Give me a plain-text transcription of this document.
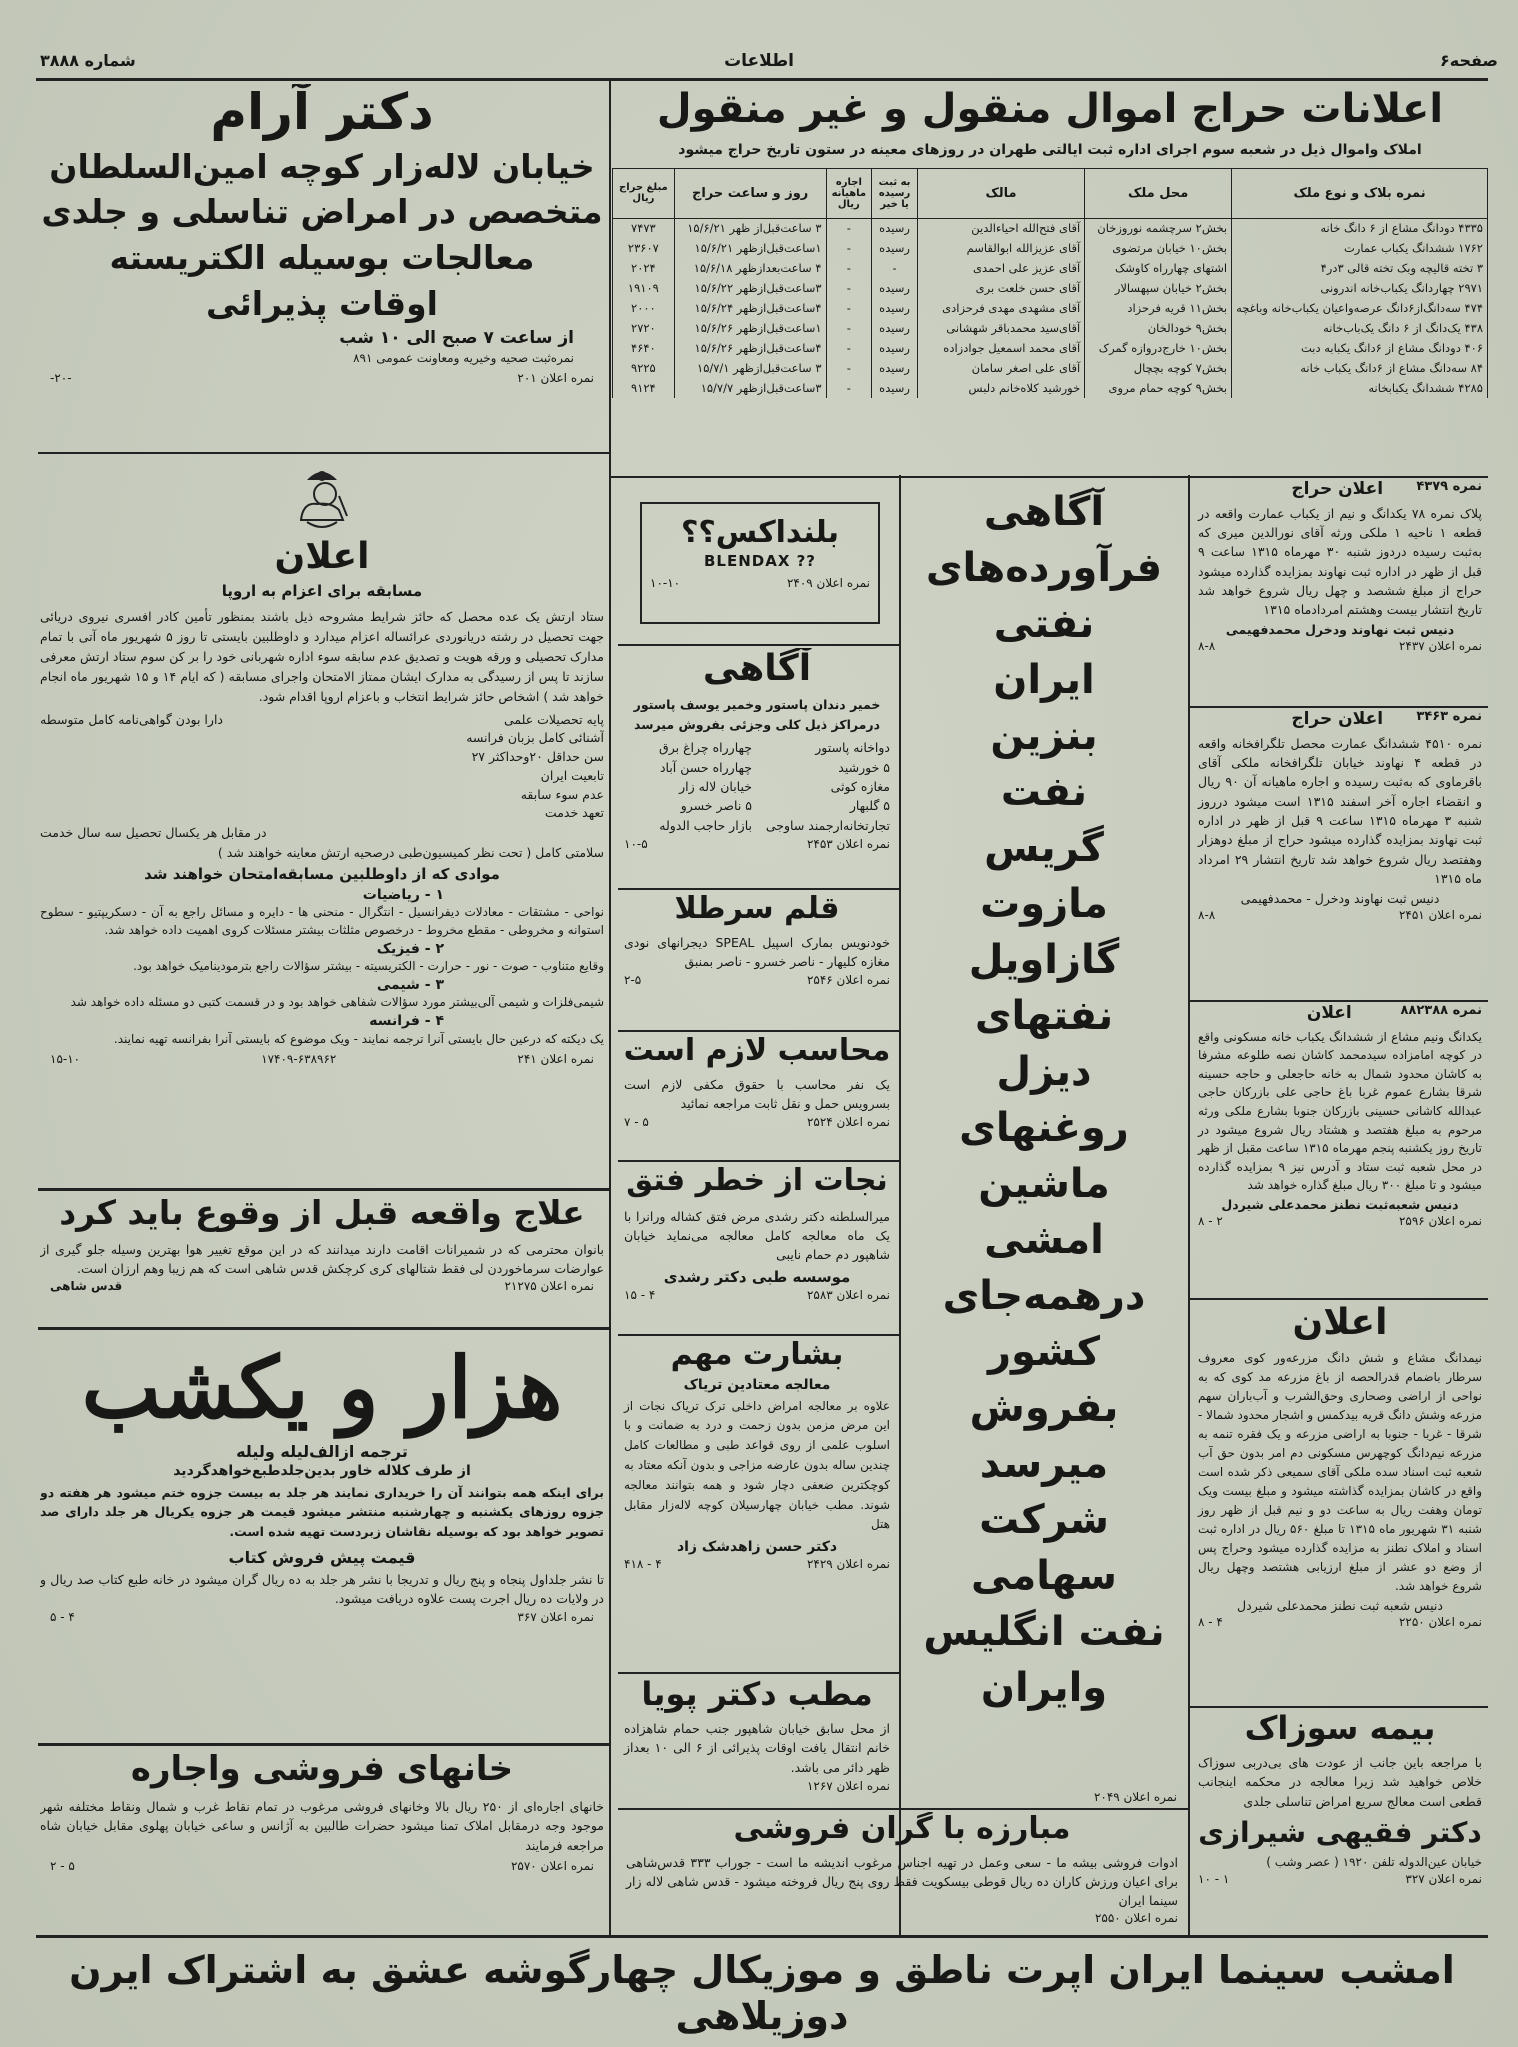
صفحه۶
اطلاعات
شماره ۳۸۸۸
اعلانات حراج اموال منقول و غیر منقول
املاک واموال ذیل در شعبه سوم اجرای اداره ثبت ایالتی طهران در روزهای معینه در ستون تاریخ حراج میشود
نمره بلاک و نوع ملک	محل ملک	مالک	به ثبت رسیده یا خیر	اجاره ماهیانه ریال	روز و ساعت حراج	مبلغ حراج ریال
۴۳۳۵ دودانگ مشاع از ۶ دانگ خانه	بخش۲ سرچشمه نوروزخان	آقای فتح‌الله احیاءالدین	رسیده	-	۳ ساعت‌قبل‌از ظهر ۱۵/۶/۲۱	۷۴۷۳
۱۷۶۲ ششدانگ یکباب عمارت	بخش۱۰ خیابان مرتضوی	آقای عزیزالله ابوالقاسم	رسیده	-	۱ساعت‌قبل‌ازظهر ۱۵/۶/۲۱	۲۳۶۰۷
۳ تخته قالیچه وبک تخته قالی ۳در۴	اشتهای چهارراه کاوشک	آقای عزیز علی احمدی	-	-	۴ ساعت‌بعدازظهر ۱۵/۶/۱۸	۲۰۲۴
۲۹۷۱ چهاردانگ یکباب‌خانه اندرونی	بخش۲ خیابان سپهسالار	آقای حسن خلعت بری	رسیده	-	۳ساعت‌قبل‌ازظهر ۱۵/۶/۲۲	۱۹۱۰۹
۴۷۴ سه‌دانگ‌از۶دانگ عرصه‌واعیان یکباب‌خانه وباغچه	بخش۱۱ قریه فرحزاد	آقای مشهدی مهدی فرحزادی	رسیده	-	۴ساعت‌قبل‌ازظهر ۱۵/۶/۲۴	۲۰۰۰
۴۳۸ یک‌دانگ از ۶ دانگ یک‌باب‌خانه	بخش۹ خودالخان	آقای‌سید محمدباقر شهشانی	رسیده	-	۱ساعت‌قبل‌ازظهر ۱۵/۶/۲۶	۲۷۲۰
۴۰۶ دودانگ مشاع از ۶دانگ یکبابه دبت	بخش۱۰ خارج‌دروازه گمرک	آقای محمد اسمعیل جوادزاده	رسیده	-	۴ساعت‌قبل‌ازظهر ۱۵/۶/۲۶	۴۶۴۰
۸۴ سه‌دانگ مشاع از ۶دانگ یکباب خانه	بخش۷ کوچه بچچال	آقای علی اصغر سامان	رسیده	-	۳ ساعت‌قبل‌ازظهر ۱۵/۷/۱	۹۲۲۵
۴۲۸۵ ششدانگ یکبابخانه	بخش۹ کوچه حمام مروی	خورشید کلاه‌خانم دلبس	رسیده	-	۳ساعت‌قبل‌ازظهر ۱۵/۷/۷	۹۱۲۴
دکتر آرام
خیابان لاله‌زار کوچه امین‌السلطان
متخصص در امراض تناسلی و جلدی
معالجات بوسیله الکتریسته
اوقات پذیرائی
از ساعت ۷ صبح الی ۱۰ شب
نمره‌ثبت صحیه وخیریه ومعاونت عمومی ۸۹۱
نمره اعلان ۲۰۱
-۲۰-
اعلان
مسابقه برای اعزام به اروپا
ستاد ارتش یک عده محصل که حائز شرایط مشروحه ذیل باشند بمنظور تأمین کادر افسری نیروی دریائی جهت تحصیل در رشته دریانوردی عرائساله اعزام میدارد و داوطلبین بایستی تا روز ۵ شهریور ماه آتی با تمام مدارک تحصیلی و ورقه هویت و تصدیق عدم سابقه سوء اداره شهربانی خود را بر کن سوم ستاد ارتش معرفی سازند تا پس از رسیدگی به مدارک ایشان ممتاز الامتحان واجرای مسابقه ( که ایام ۱۴ و ۱۵ شهریور ماه انجام خواهد شد ) اشخاص حائز شرایط انتخاب و باعزام اروپا اقدام شود.
پایه تحصیلات علمی
آشنائی کامل بزبان فرانسه
سن حداقل ۲۰وحداکثر ۲۷
تابعیت ایران
عدم سوء سابقه
تعهد خدمت
دارا بودن گواهی‌نامه کامل متوسطه
در مقابل هر یکسال تحصیل سه سال خدمت
سلامتی کامل ( تحت نظر کمیسیون‌طبی درصحیه ارتش معاینه خواهند شد )
موادی که از داوطلبین مسابقه‌امتحان خواهند شد
۱ - ریاضیات
نواحی - مشتقات - معادلات دیفرانسیل - انتگرال - منحنی ها - دایره و مسائل راجع به آن - دسکریپتیو - سطوح استوانه و مخروطی - مقطع مخروط - درخصوص مثلثات بیشتر مسئلات کروی اهمیت داده خواهد شد.
۲ - فیزیک
وقایع متناوب - صوت - نور - حرارت - الکتریسیته - بیشتر سؤالات راجع بترمودینامیک خواهد بود.
۳ - شیمی
شیمی‌فلزات و شیمی آلی‌بیشتر مورد سؤالات شفاهی خواهد بود و در قسمت کتبی دو مسئله داده خواهد شد
۴ - فرانسه
یک دیکته که درعین حال بایستی آنرا ترجمه نمایند - ویک موضوع که بایستی آنرا بفرانسه تهیه نمایند.
نمره اعلان ۲۴۱
۱۷۴۰۹-۶۳۸۹۶۲
۱۵-۱۰
علاج واقعه قبل از وقوع باید کرد
بانوان محترمی که در شمیرانات اقامت دارند میدانند که در این موقع تغییر هوا بهترین وسیله جلو گیری از عوارضات سرماخوردن لی فقط شتالهای کری کرچکش قدس شاهی است که هم زیبا وهم ارزان است.
نمره اعلان ۲۱۲۷۵
قدس شاهی
هزار و یکشب
ترجمه ازالف‌لیله ولیله
از طرف کلاله خاور بدین‌جلدطبع‌خواهدگردید
برای اینکه همه بتوانند آن را خریداری نمایند هر جلد به بیست جزوه ختم میشود هر هفته دو جزوه روزهای یکشنبه و چهارشنبه منتشر میشود قیمت هر جزوه یکریال هر جلد دارای صد تصویر خواهد بود که بوسیله نقاشان زبردست تهیه شده است.
قیمت پیش فروش کتاب
تا نشر جلداول پنجاه و پنج ریال و تدریجا با نشر هر جلد به ده ریال گران میشود در خانه طبع کتاب صد ریال و در ولایات ده ریال اجرت پست علاوه دریافت میشود.
نمره اعلان ۳۶۷
۵ - ۴
خانهای فروشی واجاره
خانهای اجاره‌ای از ۲۵۰ ریال بالا وخانهای فروشی مرغوب در تمام نقاط غرب و شمال ونقاط مختلفه شهر موجود وجه درمقابل املاک تمنا میشود حضرات طالبین به آژانس و ساعی خیابان پهلوی مقابل خیابان شاه مراجعه فرمایند
نمره اعلان ۲۵۷۰
۲ - ۵
بلنداکس؟؟
BLENDAX ??
نمره اعلان ۲۴۰۹
۱۰-۱۰
آگاهی
خمیر دندان پاستور وخمیر یوسف پاستور
درمراکز ذیل کلی وجزئی بفروش میرسد
دواخانه پاستور
چهارراه چراغ برق
۵ خورشید
چهارراه حسن آباد
مغازه کوثی
خیابان لاله زار
۵ گلبهار
۵ ناصر خسرو
تجارتخانه‌ارجمند ساوجی
بازار حاجب الدوله
نمره اعلان ۲۴۵۳
۱۰-۵
قلم سرطلا
خودنویس بمارک اسپیل SPEAL دیجرانهای نودی مغازه کلیهار - ناصر خسرو - ناصر بمنبق
نمره اعلان ۲۵۴۶
۲-۵
محاسب لازم است
یک نفر محاسب با حقوق مکفی لازم است بسرویس حمل و نقل ثابت مراجعه نمائید
نمره اعلان ۲۵۲۴
۷ - ۵
نجات از خطر فتق
میرالسلطنه دکتر رشدی مرض فتق کشاله ورانرا با یک ماه معالجه کامل معالجه می‌نماید خیابان شاهپور دم حمام نایبی
موسسه طبی دکتر رشدی
نمره اعلان ۲۵۸۳
۱۵ - ۴
بشارت مهم
معالجه معتادین تریاک
علاوه بر معالجه امراض داخلی ترک تریاک نجات از این مرض مزمن بدون زحمت و درد به ضمانت و با اسلوب علمی از روی قواعد طبی و مطالعات کامل چندین ساله بدون عارضه مزاجی و بدون آنکه معتاد به کوچکترین ضعفی دچار شود و همه بتوانند معالجه شوند. مطب خیابان چهارسیلان کوچه لاله‌زار مقابل هتل
دکتر حسن زاهدشک زاد
نمره اعلان ۲۴۲۹
۴۱۸ - ۴
مطب دکتر پویا
از محل سابق خیابان شاهپور جنب حمام شاهزاده خانم انتقال یافت اوقات پذیرائی از ۶ الی ۱۰ بعداز ظهر دائر می باشد.
نمره اعلان ۱۲۶۷
آگاهی
فرآورده‌های
نفتی
ایران
بنزین
نفت
گریس
مازوت
گازاویل
نفتهای
دیزل
روغنهای
ماشین
امشی
درهمه‌جای
کشور
بفروش
میرسد
شرکت سهامی
نفت انگلیس
وایران
نمره اعلان ۲۰۴۹
مبارزه با گران فروشی
ادوات فروشی بیشه ما - سعی وعمل در تهیه اجناس مرغوب اندیشه ما است - جوراب ۳۳۳ قدس‌شاهی برای اعیان ورزش کاران ده ریال قوطی بیسکویت فقط روی پنج ریال فروخته میشود - قدس شاهی لاله زار سینما ایران
نمره اعلان ۲۵۵۰
نمره ۴۳۷۹
اعلان حراج
پلاک نمره ۷۸ یکدانگ و نیم از یکباب عمارت واقعه در قطعه ۱ ناحیه ۱ ملکی ورثه آقای نورالدین میری که به‌ثبت رسیده دردوز شنبه ۳۰ مهرماه ۱۳۱۵ ساعت ۹ قبل از ظهر در اداره ثبت نهاوند بمزایده گذارده میشود حراج از مبلغ ششصد و چهل ریال شروع خواهد شد تاریخ انتشار بیست وهشتم امردادماه ۱۳۱۵
دنیس ثبت نهاوند ودخرل محمدفهیمی
نمره اعلان ۲۴۳۷
۸-۸
نمره ۳۴۶۳
اعلان حراج
نمره ۴۵۱۰ ششدانگ عمارت محصل تلگرافخانه واقعه در قطعه ۴ نهاوند خیابان تلگرافخانه ملکی آقای باقرماوی که به‌ثبت رسیده و اجاره ماهیانه آن ۹۰ ریال و انقضاء اجاره آخر اسفند ۱۳۱۵ است میشود درروز شنبه ۳ مهرماه ۱۳۱۵ ساعت ۹ قبل از ظهر در اداره ثبت نهاوند بمزایده گذارده میشود حراج از مبلغ دوهزار وهفتصد ریال شروع خواهد شد تاریخ انتشار ۲۹ امرداد ماه ۱۳۱۵
دنیس ثبت نهاوند ودخرل - محمدفهیمی
نمره اعلان ۲۴۵۱
۸-۸
نمره ۸۸۲۳۸۸
اعلان
یکدانگ ونیم مشاع از ششدانگ یکباب خانه مسکونی واقع در کوچه امامزاده سیدمحمد کاشان نصه طلوعه مشرفا به کاشان محدود شمال به خانه حاجعلی و حاجه حسینه شرقا بشارع عموم غربا باغ حاجی علی بازرکان حاجی عبدالله کاشانی حسینی بازرکان جنوبا بشارع ملکی ورثه مرحوم به مبلغ هفتصد و هشتاد ریال شروع میشود در تاریخ روز یکشنبه پنجم مهرماه ۱۳۱۵ ساعت مقبل از ظهر در محل شعبه ثبت ستاد و آدرس نیز ۹ بمزایده گذارده میشود و تا مبلغ ۳۰۰ ریال مبلغ گذاره خواهد شد
دنیس شعبه‌ثبت نطنز محمدعلی شیردل
نمره اعلان ۲۵۹۶
۸ - ۲
اعلان
نیمدانگ مشاع و شش دانگ مزرعه‌ور کوی معروف سرطار باضمام قدرالحصه از باغ مزرعه مد کوی که به نواحی از اراضی وصحاری وحق‌الشرب و آب‌باران سهم مزرعه وشش دانگ قریه بیدکمس و اشجار محدود شمالا - شرقا - غربا - جنوبا به اراضی مزرعه و یک فقره تنمه به مزرعه نیم‌دانگ کوچهرس مسکونی دم امر بدون حق آب شعبه ثبت اسناد سده ملکی آقای سمیعی ذکر شده است واقع در کاشان بمزایده گذاشته میشود و مبلغ بیست ویک تومان وهفت ریال به ساعت دو و نیم قبل از ظهر روز شنبه ۳۱ شهریور ماه ۱۳۱۵ تا مبلغ ۵۶۰ ریال در اداره ثبت اسناد و املاک نطنز به مزایده گذارده میشود وحراج پس از وضع دو عشر از مبلغ ارزیابی هشتصد وچهل ریال شروع خواهد شد.
دنیس شعبه ثبت نطنز محمدعلی شیردل
نمره اعلان ۲۲۵۰
۸ - ۴
بیمه سوزاک
با مراجعه باین جانب از عودت های بی‌دربی سوزاک خلاص خواهید شد زیرا معالجه در محکمه اینجانب قطعی است معالج سریع امراض تناسلی جلدی
دکتر فقیهی شیرازی
خیابان عین‌الدوله تلفن ۱۹۲۰ ( عصر وشب )
نمره اعلان ۳۲۷
۱۰ - ۱
امشب سینما ایران اپرت ناطق و موزیکال چهارگوشه عشق به اشتراک ایرن دوزیلاهی
